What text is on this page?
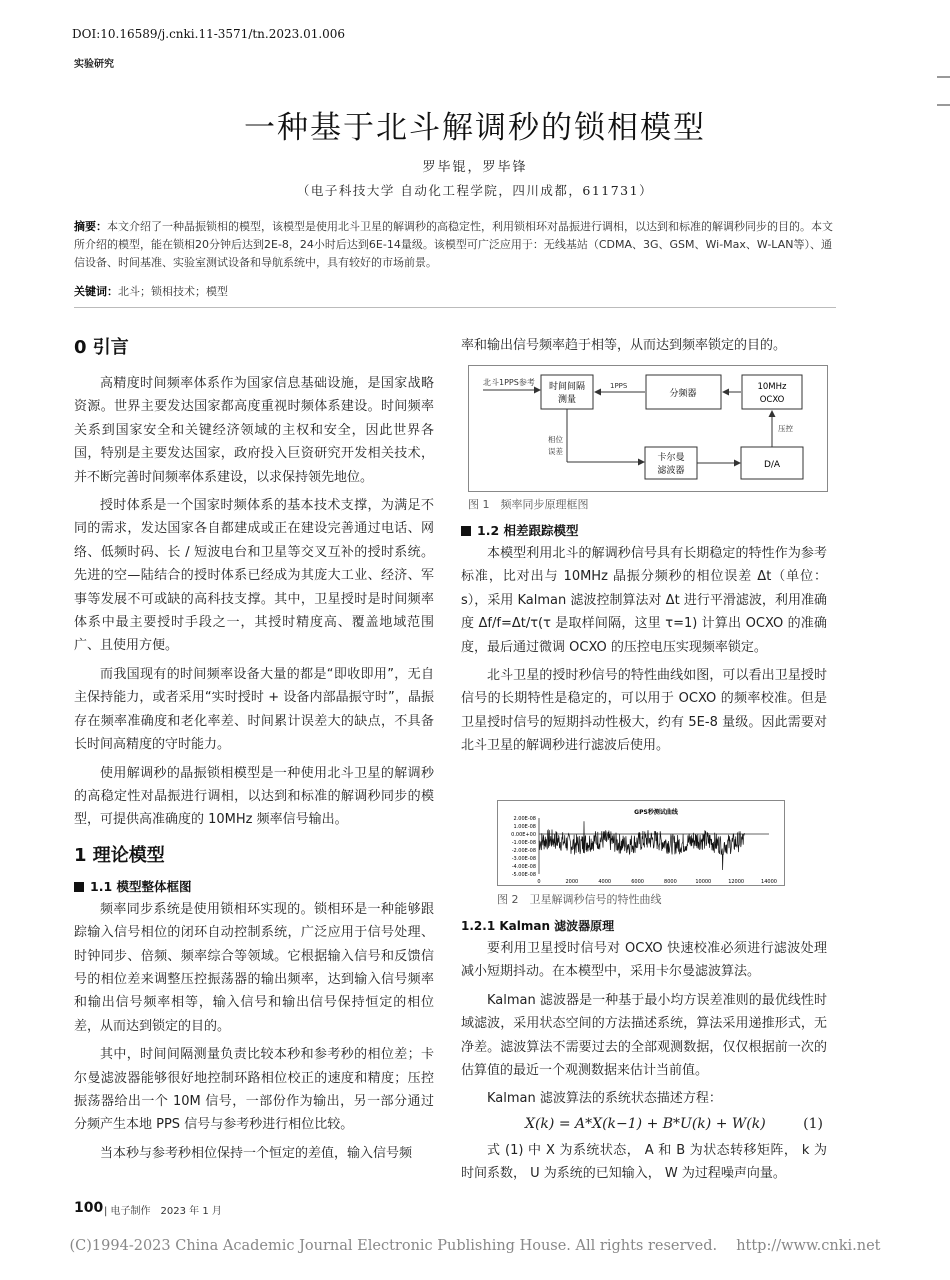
DOI:10.16589/j.cnki.11-3571/tn.2023.01.006
实验研究
一种基于北斗解调秒的锁相模型
罗毕锟，罗毕锋
（电子科技大学 自动化工程学院，四川成都，611731）
摘要：本文介绍了一种晶振锁相的模型，该模型是使用北斗卫星的解调秒的高稳定性，利用锁相环对晶振进行调相，以达到和标准的解调秒同步的目的。本文所介绍的模型，能在锁相20分钟后达到2E-8，24小时后达到6E-14量级。该模型可广泛应用于：无线基站（CDMA、3G、GSM、Wi-Max、W-LAN等）、通信设备、时间基准、实验室测试设备和导航系统中，具有较好的市场前景。
关键词：北斗；锁相技术；模型
0 引言

高精度时间频率体系作为国家信息基础设施，是国家战略资源。世界主要发达国家都高度重视时频体系建设。时间频率关系到国家安全和关键经济领域的主权和安全，因此世界各国，特别是主要发达国家，政府投入巨资研究开发相关技术，并不断完善时间频率体系建设，以求保持领先地位。

授时体系是一个国家时频体系的基本技术支撑，为满足不同的需求，发达国家各自都建成或正在建设完善通过电话、网络、低频时码、长 / 短波电台和卫星等交叉互补的授时系统。先进的空—陆结合的授时体系已经成为其庞大工业、经济、军事等发展不可或缺的高科技支撑。其中，卫星授时是时间频率体系中最主要授时手段之一，其授时精度高、覆盖地域范围广、且使用方便。

而我国现有的时间频率设备大量的都是“即收即用”，无自主保持能力，或者采用“实时授时 + 设备内部晶振守时”，晶振存在频率准确度和老化率差、时间累计误差大的缺点，不具备长时间高精度的守时能力。

使用解调秒的晶振锁相模型是一种使用北斗卫星的解调秒的高稳定性对晶振进行调相，以达到和标准的解调秒同步的模型，可提供高准确度的 10MHz 频率信号输出。

1 理论模型
1.1 模型整体框图

频率同步系统是使用锁相环实现的。锁相环是一种能够跟踪输入信号相位的闭环自动控制系统，广泛应用于信号处理、时钟同步、倍频、频率综合等领域。它根据输入信号和反馈信号的相位差来调整压控振荡器的输出频率，达到输入信号频率和输出信号频率相等，输入信号和输出信号保持恒定的相位差，从而达到锁定的目的。

其中，时间间隔测量负责比较本秒和参考秒的相位差；卡尔曼滤波器能够很好地控制环路相位校正的速度和精度；压控振荡器给出一个 10M 信号，一部份作为输出，另一部分通过分频产生本地 PPS 信号与参考秒进行相位比较。

当本秒与参考秒相位保持一个恒定的差值，输入信号频

率和输出信号频率趋于相等，从而达到频率锁定的目的。

北斗1PPS参考 时间间隔
测量
1PPS
分频器
10MHz
OCXO
相位
误差
卡尔曼
滤波器
D/A
压控
图 1　频率同步原理框图
1.2 相差跟踪模型

本模型利用北斗的解调秒信号具有长期稳定的特性作为参考标准，比对出与 10MHz 晶振分频秒的相位误差 Δt（单位：s），采用 Kalman 滤波控制算法对 Δt 进行平滑滤波，利用准确度 Δf/f=Δt/τ(τ 是取样间隔，这里 τ=1) 计算出 OCXO 的准确度，最后通过微调 OCXO 的压控电压实现频率锁定。

北斗卫星的授时秒信号的特性曲线如图，可以看出卫星授时信号的长期特性是稳定的，可以用于 OCXO 的频率校准。但是卫星授时信号的短期抖动性极大，约有 5E-8 量级。因此需要对北斗卫星的解调秒进行滤波后使用。

GPS秒测试曲线
2.00E-08
1.00E-08
0.00E+00
-1.00E-08
-2.00E-08
-3.00E-08
-4.00E-08
-5.00E-08
0	2000	4000	6000	8000	10000	12000	14000
图 2　卫星解调秒信号的特性曲线
1.2.1 Kalman 滤波器原理

要利用卫星授时信号对 OCXO 快速校准必须进行滤波处理减小短期抖动。在本模型中，采用卡尔曼滤波算法。

Kalman 滤波器是一种基于最小均方误差准则的最优线性时域滤波，采用状态空间的方法描述系统，算法采用递推形式，无净差。滤波算法不需要过去的全部观测数据，仅仅根据前一次的估算值的最近一个观测数据来估计当前值。

Kalman 滤波算法的系统状态描述方程：

X(k) = A*X(k−1) + B*U(k) + W(k)	(1)

式 (1) 中 X 为系统状态， A 和 B 为状态转移矩阵， k 为时间系数， U 为系统的已知输入， W 为过程噪声向量。

100 | 电子制作　2023 年 1 月
(C)1994-2023 China Academic Journal Electronic Publishing House. All rights reserved.　 http://www.cnki.net
